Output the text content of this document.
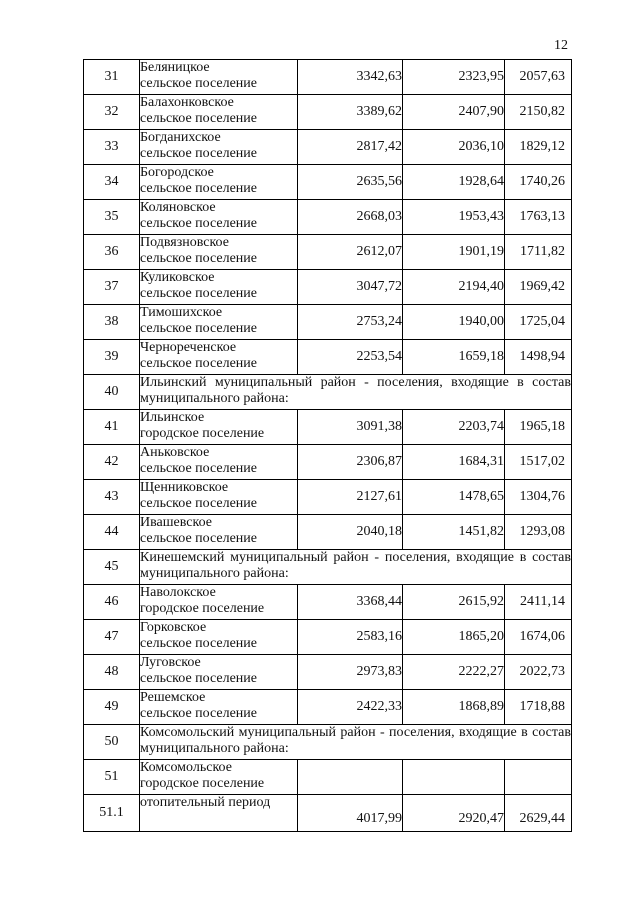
12
31	Беляницкое
сельское поселение	3342,63	2323,95	2057,63
32	Балахонковское
сельское поселение	3389,62	2407,90	2150,82
33	Богданихское
сельское поселение	2817,42	2036,10	1829,12
34	Богородское
сельское поселение	2635,56	1928,64	1740,26
35	Коляновское
сельское поселение	2668,03	1953,43	1763,13
36	Подвязновское
сельское поселение	2612,07	1901,19	1711,82
37	Куликовское
сельское поселение	3047,72	2194,40	1969,42
38	Тимошихское
сельское поселение	2753,24	1940,00	1725,04
39	Чернореченское
сельское поселение	2253,54	1659,18	1498,94
40	Ильинский муниципальный район - поселения, входящие в состав муниципального района:			
41	Ильинское
городское поселение	3091,38	2203,74	1965,18
42	Аньковское
сельское поселение	2306,87	1684,31	1517,02
43	Щенниковское
сельское поселение	2127,61	1478,65	1304,76
44	Ивашевское
сельское поселение	2040,18	1451,82	1293,08
45	Кинешемский муниципальный район - поселения, входящие в состав муниципального района:			
46	Наволокское
городское поселение	3368,44	2615,92	2411,14
47	Горковское
сельское поселение	2583,16	1865,20	1674,06
48	Луговское
сельское поселение	2973,83	2222,27	2022,73
49	Решемское
сельское поселение	2422,33	1868,89	1718,88
50	Комсомольский муниципальный район - поселения, входящие в состав муниципального района:			
51	Комсомольское
городское поселение			

51.1	отопительный период	4017,99	2920,47	2629,44
